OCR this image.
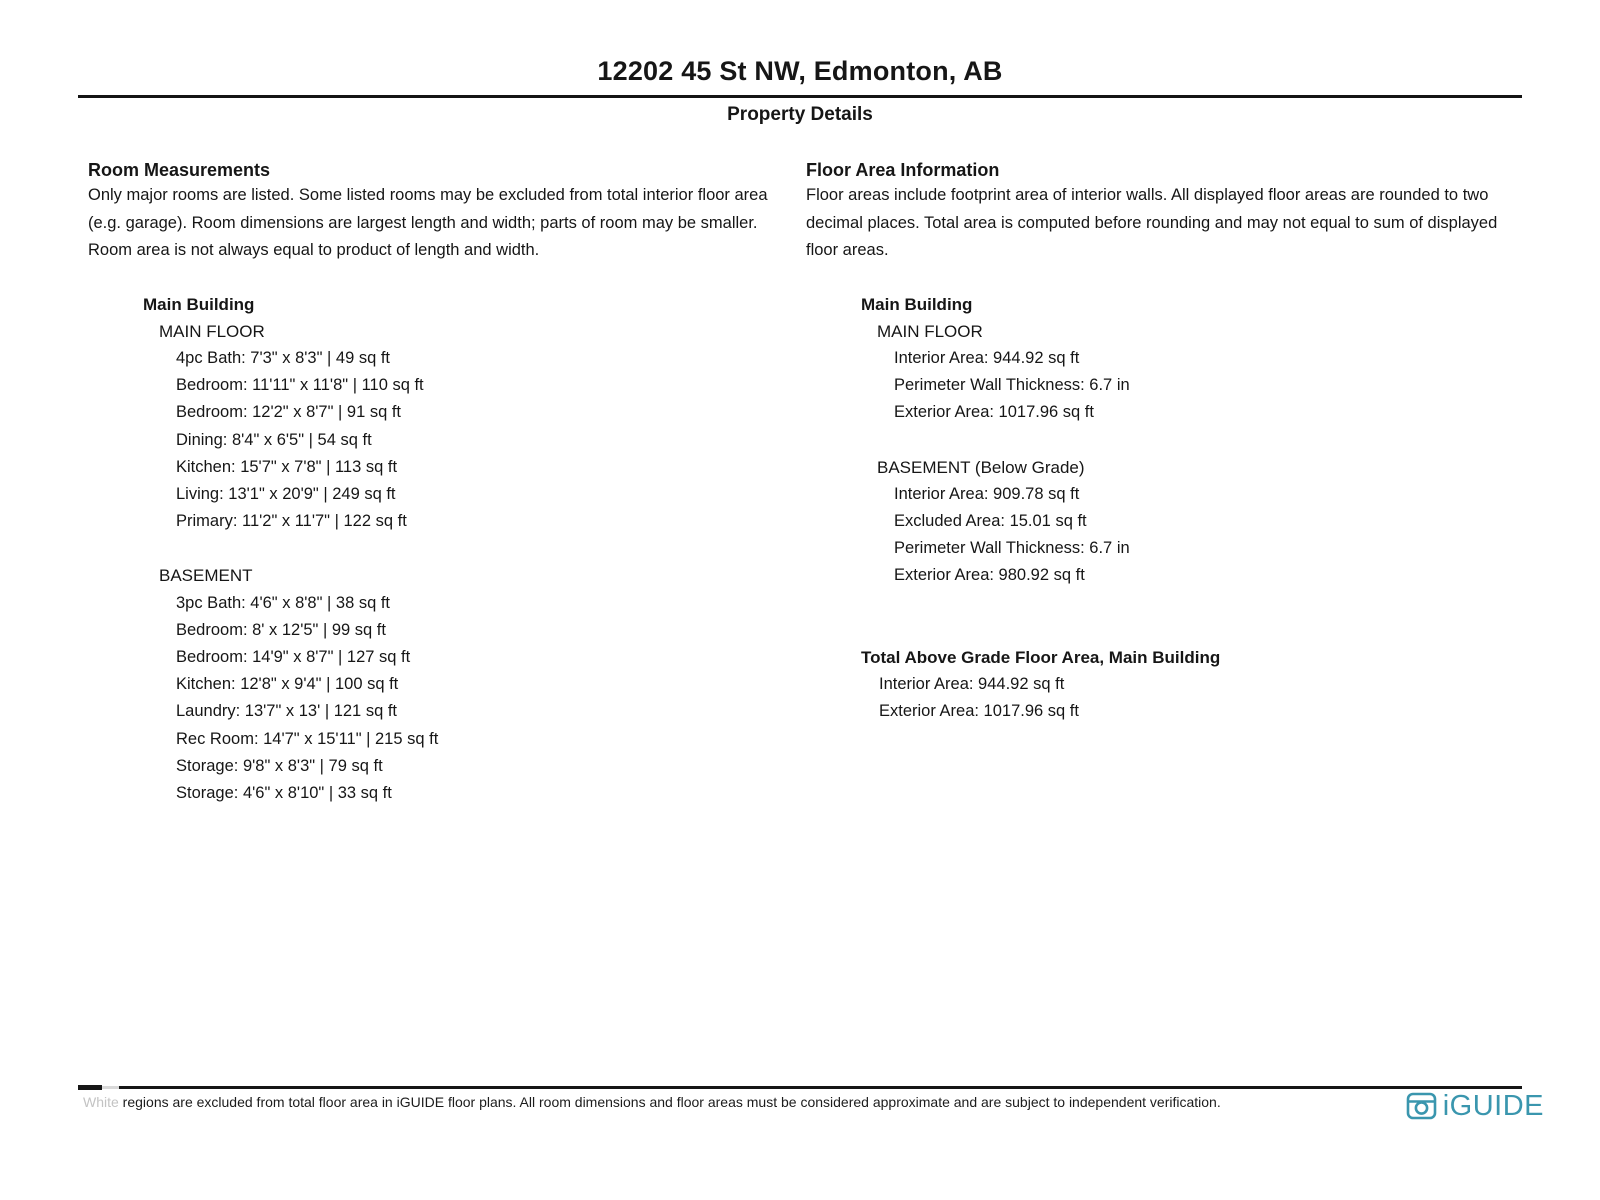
12202 45 St NW, Edmonton, AB
Property Details

Room Measurements

Only major rooms are listed. Some listed rooms may be excluded from total interior floor area (e.g. garage). Room dimensions are largest length and width; parts of room may be smaller. Room area is not always equal to product of length and width.

Main Building
MAIN FLOOR
4pc Bath: 7'3" x 8'3" | 49 sq ft
Bedroom: 11'11" x 11'8" | 110 sq ft
Bedroom: 12'2" x 8'7" | 91 sq ft
Dining: 8'4" x 6'5" | 54 sq ft
Kitchen: 15'7" x 7'8" | 113 sq ft
Living: 13'1" x 20'9" | 249 sq ft
Primary: 11'2" x 11'7" | 122 sq ft
BASEMENT
3pc Bath: 4'6" x 8'8" | 38 sq ft
Bedroom: 8' x 12'5" | 99 sq ft
Bedroom: 14'9" x 8'7" | 127 sq ft
Kitchen: 12'8" x 9'4" | 100 sq ft
Laundry: 13'7" x 13' | 121 sq ft
Rec Room: 14'7" x 15'11" | 215 sq ft
Storage: 9'8" x 8'3" | 79 sq ft
Storage: 4'6" x 8'10" | 33 sq ft

Floor Area Information

Floor areas include footprint area of interior walls. All displayed floor areas are rounded to two decimal places. Total area is computed before rounding and may not equal to sum of displayed floor areas.

Main Building
MAIN FLOOR
Interior Area: 944.92 sq ft
Perimeter Wall Thickness: 6.7 in
Exterior Area: 1017.96 sq ft
BASEMENT (Below Grade)
Interior Area: 909.78 sq ft
Excluded Area: 15.01 sq ft
Perimeter Wall Thickness: 6.7 in
Exterior Area: 980.92 sq ft
Total Above Grade Floor Area, Main Building
Interior Area: 944.92 sq ft
Exterior Area: 1017.96 sq ft
White regions are excluded from total floor area in iGUIDE floor plans. All room dimensions and floor areas must be considered approximate and are subject to independent verification.	iGUIDE
